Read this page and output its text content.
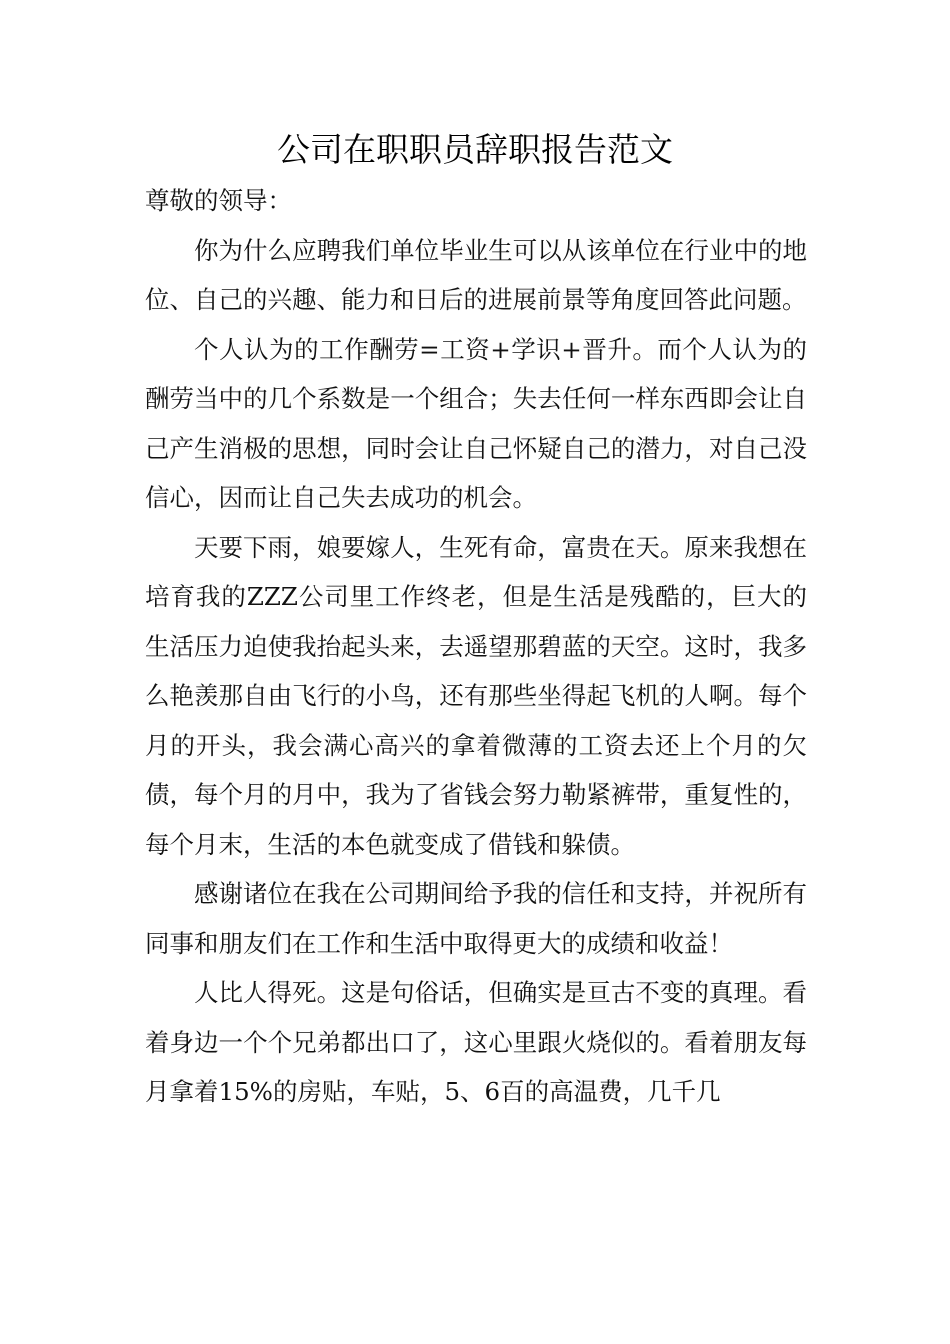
公司在职职员辞职报告范文

尊敬的领导：

你为什么应聘我们单位毕业生可以从该单位在行业中的地位、自己的兴趣、能力和日后的进展前景等角度回答此问题。

个人认为的工作酬劳=工资+学识+晋升。而个人认为的酬劳当中的几个系数是一个组合；失去任何一样东西即会让自己产生消极的思想，同时会让自己怀疑自己的潜力，对自己没信心，因而让自己失去成功的机会。

天要下雨，娘要嫁人，生死有命，富贵在天。原来我想在培育我的ZZZ公司里工作终老，但是生活是残酷的，巨大的生活压力迫使我抬起头来，去遥望那碧蓝的天空。这时，我多么艳羡那自由飞行的小鸟，还有那些坐得起飞机的人啊。每个月的开头，我会满心高兴的拿着微薄的工资去还上个月的欠债，每个月的月中，我为了省钱会努力勒紧裤带，重复性的，每个月末，生活的本色就变成了借钱和躲债。

感谢诸位在我在公司期间给予我的信任和支持，并祝所有同事和朋友们在工作和生活中取得更大的成绩和收益！

人比人得死。这是句俗话，但确实是亘古不变的真理。看着身边一个个兄弟都出口了，这心里跟火烧似的。看着朋友每月拿着15%的房贴，车贴，5、6百的高温费，几千几
